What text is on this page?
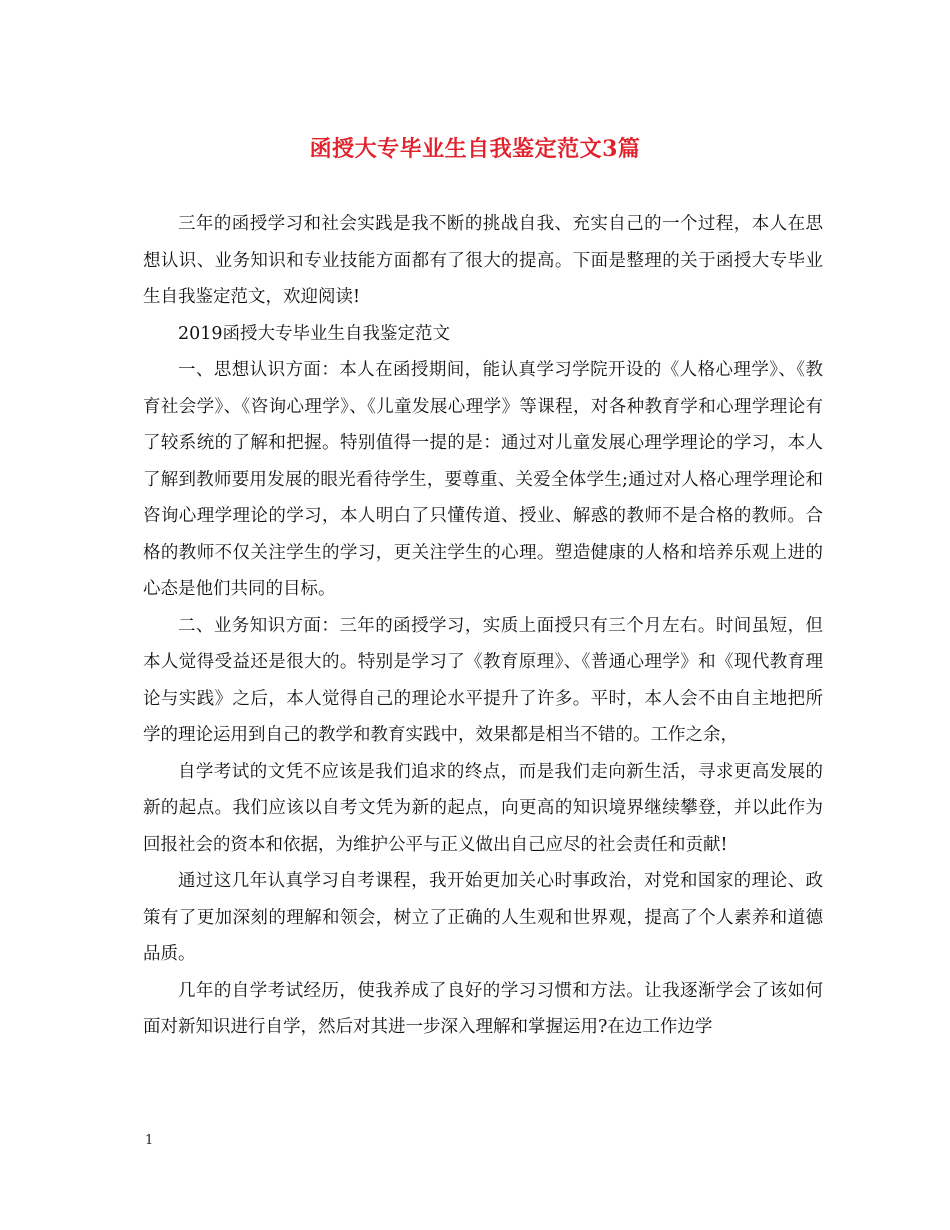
函授大专毕业生自我鉴定范文3篇

三年的函授学习和社会实践是我不断的挑战自我、充实自己的一个过程，本人在思想认识、业务知识和专业技能方面都有了很大的提高。下面是整理的关于函授大专毕业生自我鉴定范文，欢迎阅读!

2019函授大专毕业生自我鉴定范文

一、思想认识方面：本人在函授期间，能认真学习学院开设的《人格心理学》、《教育社会学》、《咨询心理学》、《儿童发展心理学》等课程，对各种教育学和心理学理论有了较系统的了解和把握。特别值得一提的是：通过对儿童发展心理学理论的学习，本人了解到教师要用发展的眼光看待学生，要尊重、关爱全体学生;通过对人格心理学理论和咨询心理学理论的学习，本人明白了只懂传道、授业、解惑的教师不是合格的教师。合格的教师不仅关注学生的学习，更关注学生的心理。塑造健康的人格和培养乐观上进的心态是他们共同的目标。

二、业务知识方面：三年的函授学习，实质上面授只有三个月左右。时间虽短，但本人觉得受益还是很大的。特别是学习了《教育原理》、《普通心理学》和《现代教育理论与实践》之后，本人觉得自己的理论水平提升了许多。平时，本人会不由自主地把所学的理论运用到自己的教学和教育实践中，效果都是相当不错的。工作之余，

自学考试的文凭不应该是我们追求的终点，而是我们走向新生活，寻求更高发展的新的起点。我们应该以自考文凭为新的起点，向更高的知识境界继续攀登，并以此作为回报社会的资本和依据，为维护公平与正义做出自己应尽的社会责任和贡献!

通过这几年认真学习自考课程，我开始更加关心时事政治，对党和国家的理论、政策有了更加深刻的理解和领会，树立了正确的人生观和世界观，提高了个人素养和道德品质。

几年的自学考试经历，使我养成了良好的学习习惯和方法。让我逐渐学会了该如何面对新知识进行自学，然后对其进一步深入理解和掌握运用?在边工作边学

1
